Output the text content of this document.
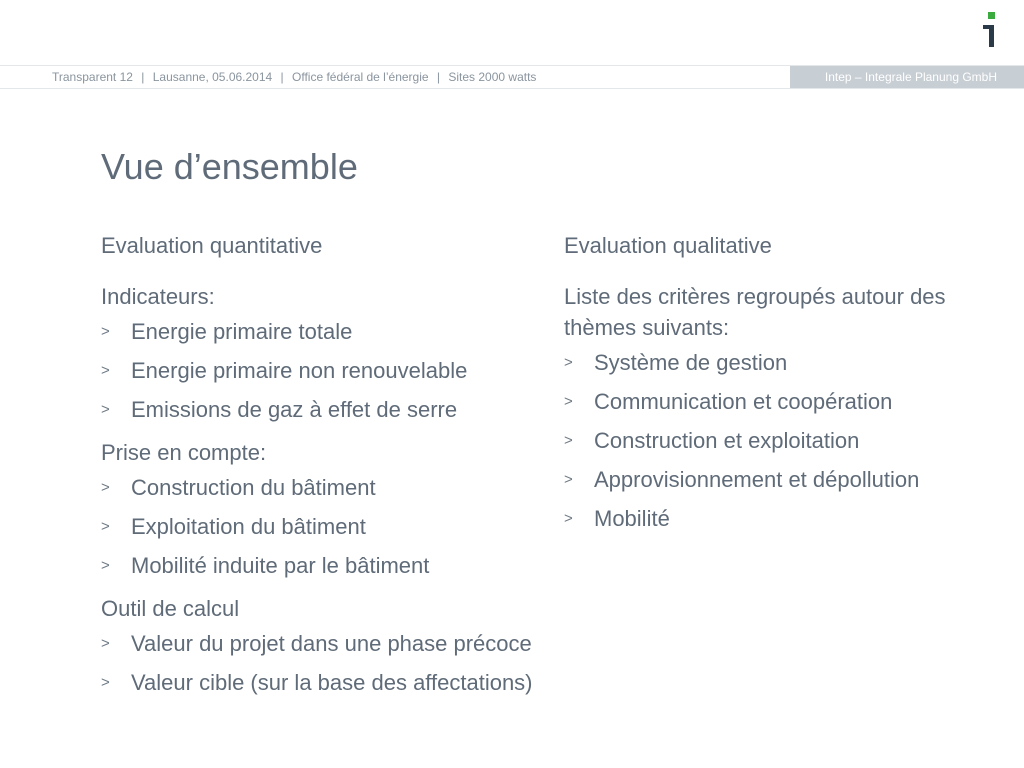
Transparent 12 | Lausanne, 05.06.2014 | Office fédéral de l’énergie | Sites 2000 watts	Intep – Integrale Planung GmbH
Vue d’ensemble

Evaluation quantitative

Indicateurs:

> Energie primaire totale
> Energie primaire non renouvelable
> Emissions de gaz à effet de serre

Prise en compte:

> Construction du bâtiment
> Exploitation du bâtiment
> Mobilité induite par le bâtiment

Outil de calcul

> Valeur du projet dans une phase précoce
> Valeur cible (sur la base des affectations)

Evaluation qualitative

Liste des critères regroupés autour des thèmes suivants:

> Système de gestion
> Communication et coopération
> Construction et exploitation
> Approvisionnement et dépollution
> Mobilité
